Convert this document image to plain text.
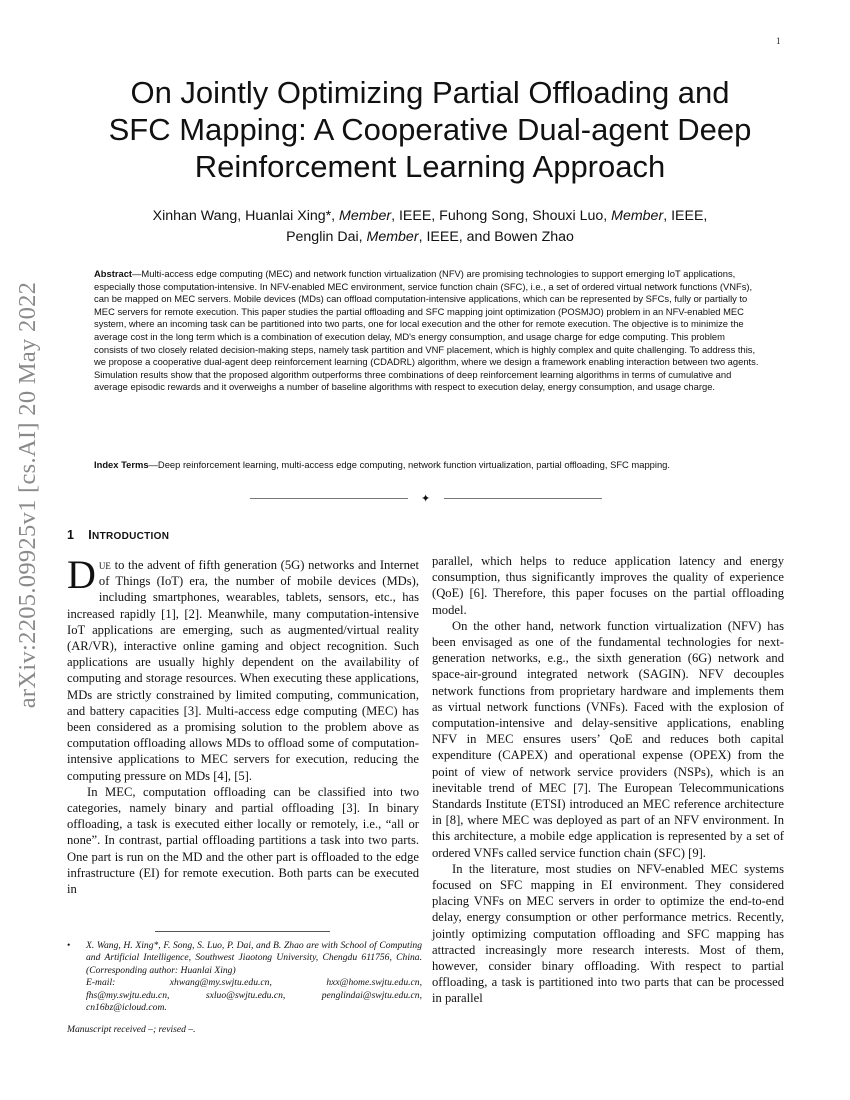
1
arXiv:2205.09925v1 [cs.AI] 20 May 2022
On Jointly Optimizing Partial Offloading and
SFC Mapping: A Cooperative Dual-agent Deep
Reinforcement Learning Approach
Xinhan Wang, Huanlai Xing*, Member, IEEE, Fuhong Song, Shouxi Luo, Member, IEEE,
Penglin Dai, Member, IEEE, and Bowen Zhao
Abstract—Multi-access edge computing (MEC) and network function virtualization (NFV) are promising technologies to support emerging IoT applications, especially those computation-intensive. In NFV-enabled MEC environment, service function chain (SFC), i.e., a set of ordered virtual network functions (VNFs), can be mapped on MEC servers. Mobile devices (MDs) can offload computation-intensive applications, which can be represented by SFCs, fully or partially to MEC servers for remote execution. This paper studies the partial offloading and SFC mapping joint optimization (POSMJO) problem in an NFV-enabled MEC system, where an incoming task can be partitioned into two parts, one for local execution and the other for remote execution. The objective is to minimize the average cost in the long term which is a combination of execution delay, MD's energy consumption, and usage charge for edge computing. This problem consists of two closely related decision-making steps, namely task partition and VNF placement, which is highly complex and quite challenging. To address this, we propose a cooperative dual-agent deep reinforcement learning (CDADRL) algorithm, where we design a framework enabling interaction between two agents. Simulation results show that the proposed algorithm outperforms three combinations of deep reinforcement learning algorithms in terms of cumulative and average episodic rewards and it overweighs a number of baseline algorithms with respect to execution delay, energy consumption, and usage charge.
Index Terms—Deep reinforcement learning, multi-access edge computing, network function virtualization, partial offloading, SFC mapping.
✦
1 INTRODUCTION

Due to the advent of fifth generation (5G) networks and Internet of Things (IoT) era, the number of mobile devices (MDs), including smartphones, wearables, tablets, sensors, etc., has increased rapidly [1], [2]. Meanwhile, many computation-intensive IoT applications are emerging, such as augmented/virtual reality (AR/VR), interactive online gaming and object recognition. Such applications are usually highly dependent on the availability of computing and storage resources. When executing these applications, MDs are strictly constrained by limited computing, communication, and battery capacities [3]. Multi-access edge computing (MEC) has been considered as a promising solution to the problem above as computation offloading allows MDs to offload some of computation-intensive applications to MEC servers for execution, reducing the computing pressure on MDs [4], [5].

In MEC, computation offloading can be classified into two categories, namely binary and partial offloading [3]. In binary offloading, a task is executed either locally or remotely, i.e., “all or none”. In contrast, partial offloading partitions a task into two parts. One part is run on the MD and the other part is offloaded to the edge infrastructure (EI) for remote execution. Both parts can be executed in

parallel, which helps to reduce application latency and energy consumption, thus significantly improves the quality of experience (QoE) [6]. Therefore, this paper focuses on the partial offloading model.

On the other hand, network function virtualization (NFV) has been envisaged as one of the fundamental technologies for next-generation networks, e.g., the sixth generation (6G) network and space-air-ground integrated network (SAGIN). NFV decouples network functions from proprietary hardware and implements them as virtual network functions (VNFs). Faced with the explosion of computation-intensive and delay-sensitive applications, enabling NFV in MEC ensures users’ QoE and reduces both capital expenditure (CAPEX) and operational expense (OPEX) from the point of view of network service providers (NSPs), which is an inevitable trend of MEC [7]. The European Telecommunications Standards Institute (ETSI) introduced an MEC reference architecture in [8], where MEC was deployed as part of an NFV environment. In this architecture, a mobile edge application is represented by a set of ordered VNFs called service function chain (SFC) [9].

In the literature, most studies on NFV-enabled MEC systems focused on SFC mapping in EI environment. They considered placing VNFs on MEC servers in order to optimize the end-to-end delay, energy consumption or other performance metrics. Recently, jointly optimizing computation offloading and SFC mapping has attracted increasingly more research interests. Most of them, however, consider binary offloading. With respect to partial offloading, a task is partitioned into two parts that can be processed in parallel

• X. Wang, H. Xing*, F. Song, S. Luo, P. Dai, and B. Zhao are with School of Computing and Artificial Intelligence, Southwest Jiaotong University, Chengdu 611756, China. (Corresponding author: Huanlai Xing)
E-mail:	xhwang@my.swjtu.edu.cn,	hxx@home.swjtu.edu.cn,
fhs@my.swjtu.edu.cn,	sxluo@swjtu.edu.cn,	penglindai@swjtu.edu.cn,
cn16bz@icloud.com.
Manuscript received –; revised –.
